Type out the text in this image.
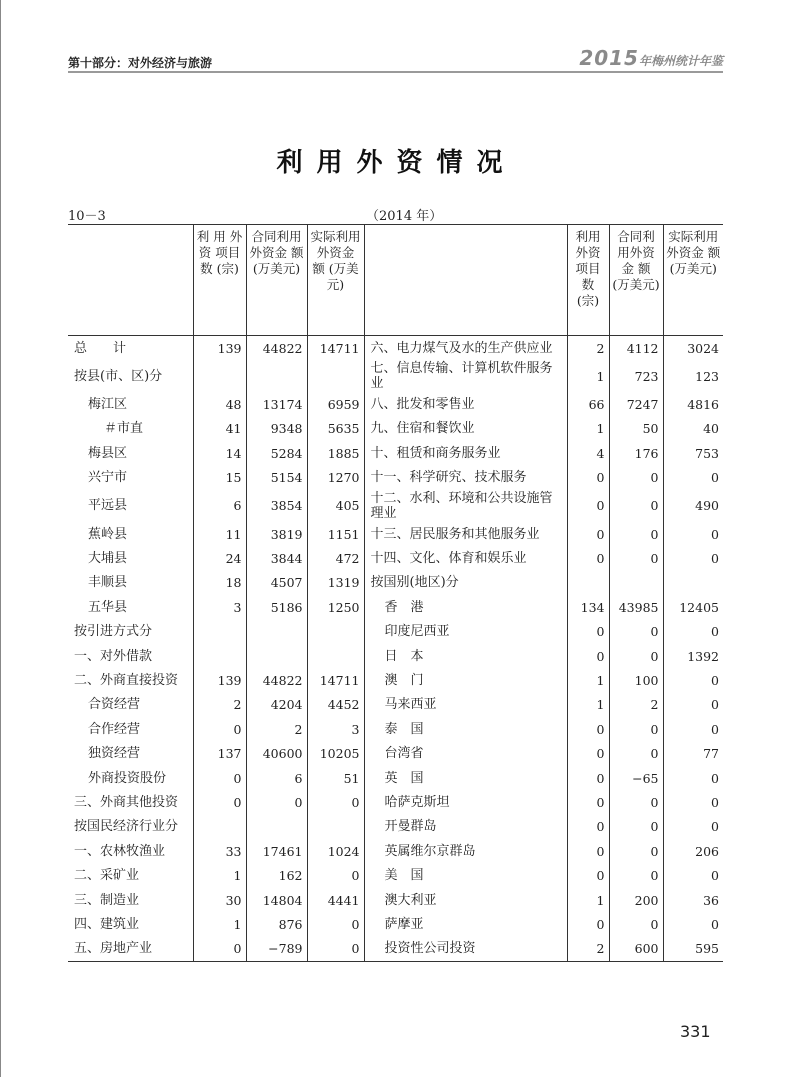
第十部分：对外经济与旅游	2015年梅州统计年鉴
利用外资情况
10－3	（2014 年）
	利 用 外 资 项目数 (宗)	合同利用外资金 额 (万美元)	实际利用外资金 额 (万美元)		利用外资项目数 (宗)	合同利用外资金 额 (万美元)	实际利用外资金 额 (万美元)
总　　计	139	44822	14711	六、电力煤气及水的生产供应业	2	4112	3024
按县(市、区)分				七、信息传输、计算机软件服务业	1	723	123
梅江区	48	13174	6959	八、批发和零售业	66	7247	4816
＃市直	41	9348	5635	九、住宿和餐饮业	1	50	40
梅县区	14	5284	1885	十、租赁和商务服务业	4	176	753
兴宁市	15	5154	1270	十一、科学研究、技术服务	0	0	0
平远县	6	3854	405	十二、水利、环境和公共设施管理业	0	0	490
蕉岭县	11	3819	1151	十三、居民服务和其他服务业	0	0	0
大埔县	24	3844	472	十四、文化、体育和娱乐业	0	0	0
丰顺县	18	4507	1319	按国别(地区)分			
五华县	3	5186	1250	香　港	134	43985	12405
按引进方式分				印度尼西亚	0	0	0
一、对外借款				日　本	0	0	1392
二、外商直接投资	139	44822	14711	澳　门	1	100	0
合资经营	2	4204	4452	马来西亚	1	2	0
合作经营	0	2	3	泰　国	0	0	0
独资经营	137	40600	10205	台湾省	0	0	77
外商投资股份	0	6	51	英　国	0	−65	0
三、外商其他投资	0	0	0	哈萨克斯坦	0	0	0
按国民经济行业分				开曼群岛	0	0	0
一、农林牧渔业	33	17461	1024	英属维尔京群岛	0	0	206
二、采矿业	1	162	0	美　国	0	0	0
三、制造业	30	14804	4441	澳大利亚	1	200	36
四、建筑业	1	876	0	萨摩亚	0	0	0
五、房地产业	0	−789	0	投资性公司投资	2	600	595
331
